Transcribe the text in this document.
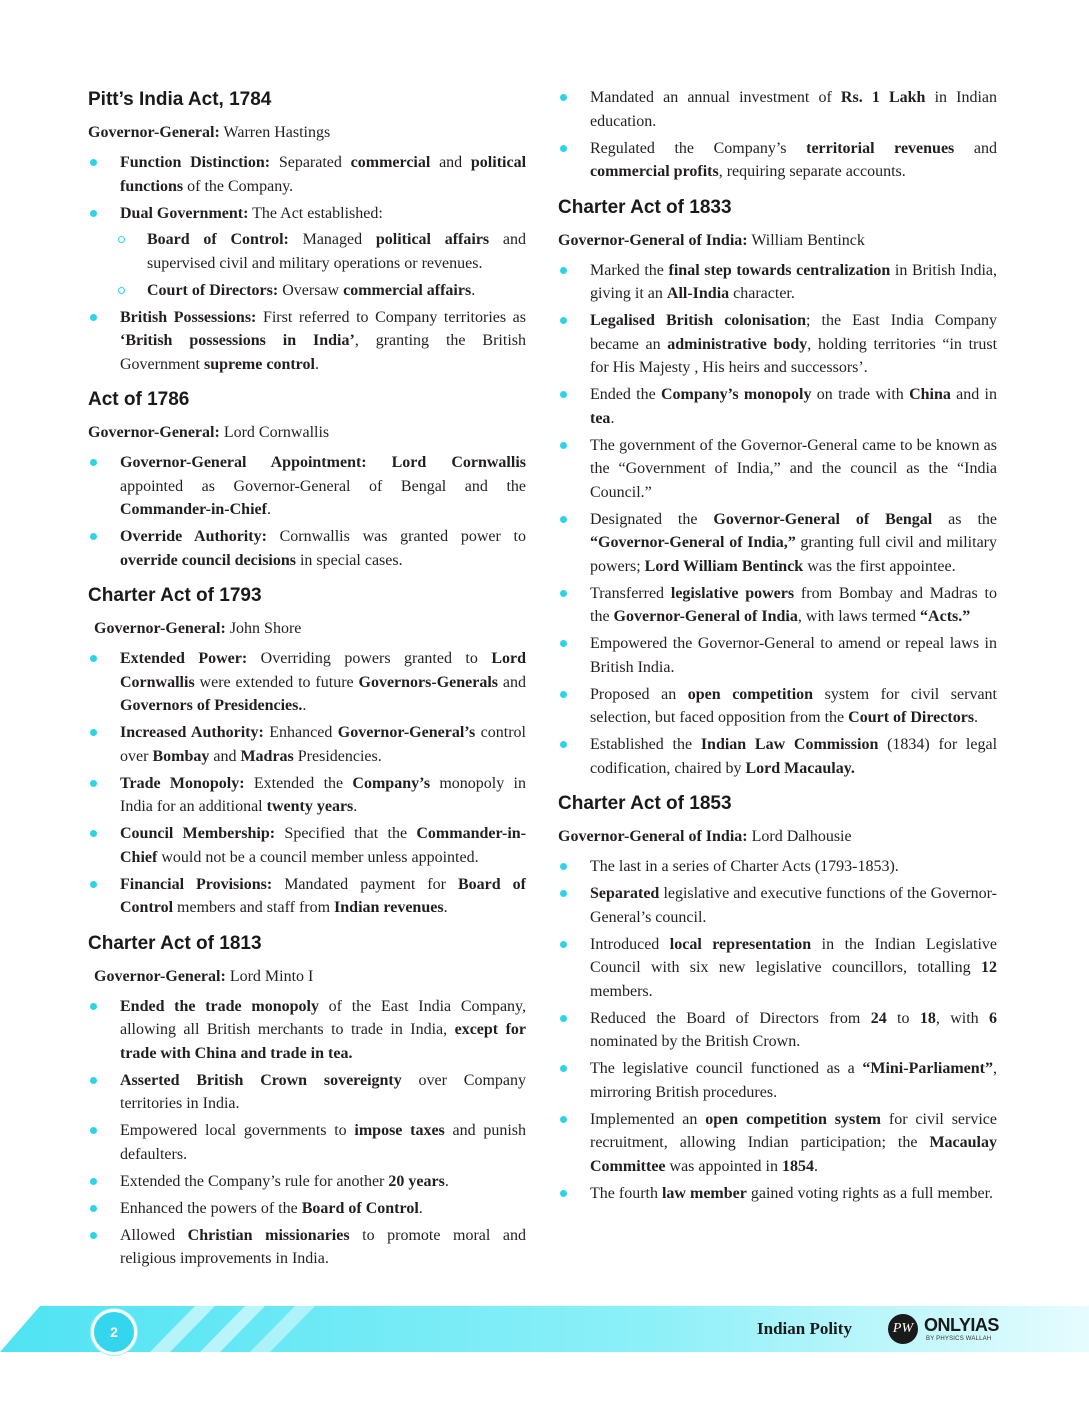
Pitt’s India Act, 1784

Governor-General: Warren Hastings

Function Distinction: Separated commercial and political functions of the Company.
Dual Government: The Act established:
Board of Control: Managed political affairs and supervised civil and military operations or revenues.
Court of Directors: Oversaw commercial affairs.
British Possessions: First referred to Company territories as ‘British possessions in India’, granting the British Government supreme control.
Act of 1786

Governor-General: Lord Cornwallis

Governor-General Appointment: Lord Cornwallis appointed as Governor-General of Bengal and the Commander-in-Chief.
Override Authority: Cornwallis was granted power to override council decisions in special cases.
Charter Act of 1793

Governor-General: John Shore

Extended Power: Overriding powers granted to Lord Cornwallis were extended to future Governors-Generals and Governors of Presidencies..
Increased Authority: Enhanced Governor-General’s control over Bombay and Madras Presidencies.
Trade Monopoly: Extended the Company’s monopoly in India for an additional twenty years.
Council Membership: Specified that the Commander-in-Chief would not be a council member unless appointed.
Financial Provisions: Mandated payment for Board of Control members and staff from Indian revenues.
Charter Act of 1813

Governor-General: Lord Minto I

Ended the trade monopoly of the East India Company, allowing all British merchants to trade in India, except for trade with China and trade in tea.
Asserted British Crown sovereignty over Company territories in India.
Empowered local governments to impose taxes and punish defaulters.
Extended the Company’s rule for another 20 years.
Enhanced the powers of the Board of Control.
Allowed Christian missionaries to promote moral and religious improvements in India.
Mandated an annual investment of Rs. 1 Lakh in Indian education.
Regulated the Company’s territorial revenues and commercial profits, requiring separate accounts.
Charter Act of 1833

Governor-General of India: William Bentinck

Marked the final step towards centralization in British India, giving it an All-India character.
Legalised British colonisation; the East India Company became an administrative body, holding territories “in trust for His Majesty , His heirs and successors’.
Ended the Company’s monopoly on trade with China and in tea.
The government of the Governor-General came to be known as the “Government of India,” and the council as the “India Council.”
Designated the Governor-General of Bengal as the “Governor-General of India,” granting full civil and military powers; Lord William Bentinck was the first appointee.
Transferred legislative powers from Bombay and Madras to the Governor-General of India, with laws termed “Acts.”
Empowered the Governor-General to amend or repeal laws in British India.
Proposed an open competition system for civil servant selection, but faced opposition from the Court of Directors.
Established the Indian Law Commission (1834) for legal codification, chaired by Lord Macaulay.
Charter Act of 1853

Governor-General of India: Lord Dalhousie

The last in a series of Charter Acts (1793-1853).
Separated legislative and executive functions of the Governor-General’s council.
Introduced local representation in the Indian Legislative Council with six new legislative councillors, totalling 12 members.
Reduced the Board of Directors from 24 to 18, with 6 nominated by the British Crown.
The legislative council functioned as a “Mini-Parliament”, mirroring British procedures.
Implemented an open competition system for civil service recruitment, allowing Indian participation; the Macaulay Committee was appointed in 1854.
The fourth law member gained voting rights as a full member.
2	Indian Polity	PW ONLYIAS
BY PHYSICS WALLAH
